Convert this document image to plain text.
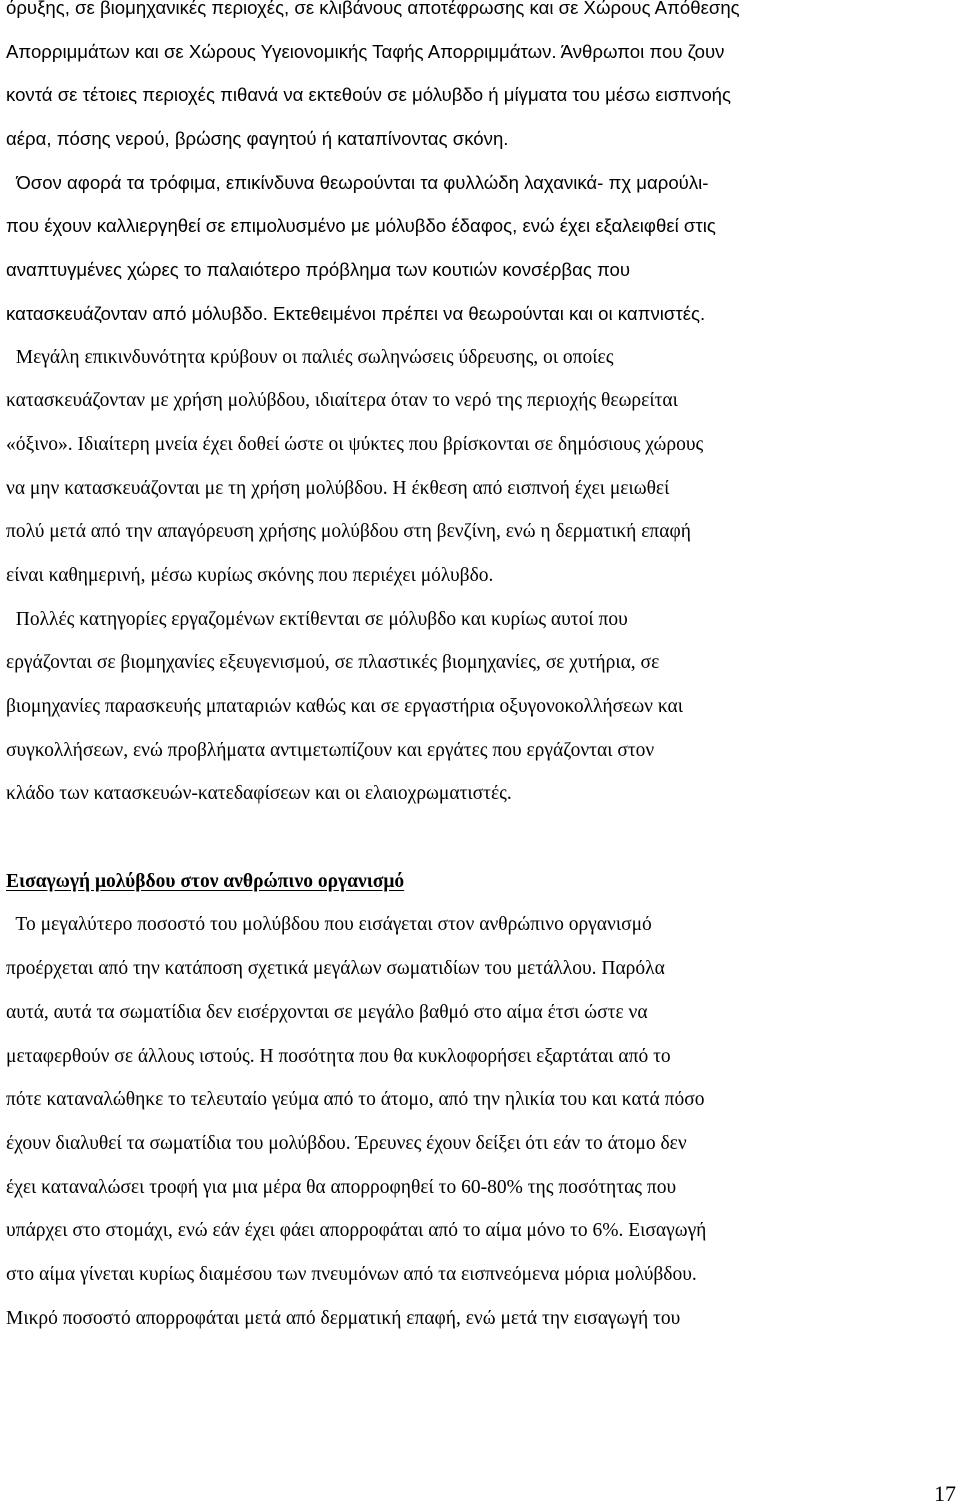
όρυξης, σε βιομηχανικές περιοχές, σε κλιβάνους αποτέφρωσης και σε Χώρους Απόθεσης
Απορριμμάτων και σε Χώρους Υγειονομικής Ταφής Απορριμμάτων. Άνθρωποι που ζουν
κοντά σε τέτοιες περιοχές πιθανά να εκτεθούν σε μόλυβδο ή μίγματα του μέσω εισπνοής
αέρα, πόσης νερού, βρώσης φαγητού ή καταπίνοντας σκόνη.
Όσον αφορά τα τρόφιμα, επικίνδυνα θεωρούνται τα φυλλώδη λαχανικά- πχ μαρούλι-
που έχουν καλλιεργηθεί σε επιμολυσμένο με μόλυβδο έδαφος, ενώ έχει εξαλειφθεί στις
αναπτυγμένες χώρες το παλαιότερο πρόβλημα των κουτιών κονσέρβας που
κατασκευάζονταν από μόλυβδο. Εκτεθειμένοι πρέπει να θεωρούνται και οι καπνιστές.
Μεγάλη επικινδυνότητα κρύβουν οι παλιές σωληνώσεις ύδρευσης, οι οποίες
κατασκευάζονταν με χρήση μολύβδου, ιδιαίτερα όταν το νερό της περιοχής θεωρείται
«όξινο». Ιδιαίτερη μνεία έχει δοθεί ώστε οι ψύκτες που βρίσκονται σε δημόσιους χώρους
να μην κατασκευάζονται με τη χρήση μολύβδου. Η έκθεση από εισπνοή έχει μειωθεί
πολύ μετά από την απαγόρευση χρήσης μολύβδου στη βενζίνη, ενώ η δερματική επαφή
είναι καθημερινή, μέσω κυρίως σκόνης που περιέχει μόλυβδο.
Πολλές κατηγορίες εργαζομένων εκτίθενται σε μόλυβδο και κυρίως αυτοί που
εργάζονται σε βιομηχανίες εξευγενισμού, σε πλαστικές βιομηχανίες, σε χυτήρια, σε
βιομηχανίες παρασκευής μπαταριών καθώς και σε εργαστήρια οξυγονοκολλήσεων και
συγκολλήσεων, ενώ προβλήματα αντιμετωπίζουν και εργάτες που εργάζονται στον
κλάδο των κατασκευών-κατεδαφίσεων και οι ελαιοχρωματιστές.
Εισαγωγή μολύβδου στον ανθρώπινο οργανισμό
Το μεγαλύτερο ποσοστό του μολύβδου που εισάγεται στον ανθρώπινο οργανισμό
προέρχεται από την κατάποση σχετικά μεγάλων σωματιδίων του μετάλλου. Παρόλα
αυτά, αυτά τα σωματίδια δεν εισέρχονται σε μεγάλο βαθμό στο αίμα έτσι ώστε να
μεταφερθούν σε άλλους ιστούς. Η ποσότητα που θα κυκλοφορήσει εξαρτάται από το
πότε καταναλώθηκε το τελευταίο γεύμα από το άτομο, από την ηλικία του και κατά πόσο
έχουν διαλυθεί τα σωματίδια του μολύβδου. Έρευνες έχουν δείξει ότι εάν το άτομο δεν
έχει καταναλώσει τροφή για μια μέρα θα απορροφηθεί το 60-80% της ποσότητας που
υπάρχει στο στομάχι, ενώ εάν έχει φάει απορροφάται από το αίμα μόνο το 6%. Εισαγωγή
στο αίμα γίνεται κυρίως διαμέσου των πνευμόνων από τα εισπνεόμενα μόρια μολύβδου.
Μικρό ποσοστό απορροφάται μετά από δερματική επαφή, ενώ μετά την εισαγωγή του
17
